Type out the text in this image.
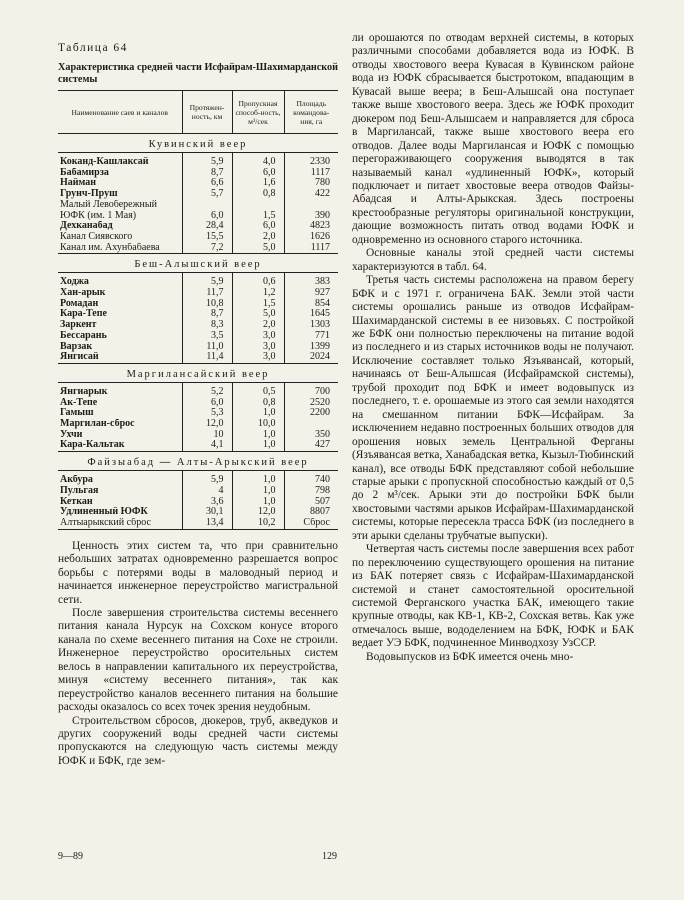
Таблица 64
Характеристика средней части Исфайрам-Шахимарданской системы
Наименование саев и каналов	Протяжен-ность, км	Пропускная способ-ность, м³/сек	Площадь командова-ния, га
Кувинский веер			

Коканд-Кашлаксай	5,9	4,0	2330
Бабамирза	8,7	6,0	1117
Найман	6,6	1,6	780
Грунч-Пруш	5,7	0,8	422
Малый Левобережный			
ЮФК (им. 1 Мая)	6,0	1,5	390
Дехканабад	28,4	6,0	4823
Канал Сиявского	15,5	2,0	1626
Канал им. Ахунбабаева	7,2	5,0	1117
Беш-Алышский веер			

Ходжа	5,9	0,6	383
Хан-арык	11,7	1,2	927
Ромадан	10,8	1,5	854
Кара-Тепе	8,7	5,0	1645
Заркент	8,3	2,0	1303
Бессарань	3,5	3,0	771
Варзак	11,0	3,0	1399
Янгисай	11,4	3,0	2024
Маргилансайский веер			

Янгиарык	5,2	0,5	700
Ак-Тепе	6,0	0,8	2520
Гамыш	5,3	1,0	2200
Маргилан-сброс	12,0	10,0	
Ухчи	10	1,0	350
Кара-Кальтак	4,1	1,0	427
Файзыабад — Алты-Арыкский веер			

Акбура	5,9	1,0	740
Пульгая	4	1,0	798
Кеткан	3,6	1,0	507
Удлиненный ЮФК	30,1	12,0	8807
Алтыарыкский сброс	13,4	10,2	Сброс

Ценность этих систем та, что при сравнительно небольших затратах одновременно разрешается вопрос борьбы с потерями воды в маловодный период и начинается инженерное переустройство магистральной сети.

После завершения строительства системы весеннего питания канала Нурсук на Сохском конусе второго канала по схеме весеннего питания на Сохе не строили. Инженерное переустройство оросительных систем велось в направлении капитального их переустройства, минуя «систему весеннего питания», так как переустройство каналов весеннего питания на большие расходы оказалось со всех точек зрения неудобным.

Строительством сбросов, дюкеров, труб, акведуков и других сооружений воды средней части системы пропускаются на следующую часть системы между ЮФК и БФК, где зем-

ли орошаются по отводам верхней системы, в которых различными способами добавляется вода из ЮФК. В отводы хвостового веера Кувасая в Кувинском районе вода из ЮФК сбрасывается быстротоком, впадающим в Кувасай выше веера; в Беш-Алышсай она поступает также выше хвостового веера. Здесь же ЮФК проходит дюкером под Беш-Алышсаем и направляется для сброса в Маргилансай, также выше хвостового веера его отводов. Далее воды Маргилансая и ЮФК с помощью перегораживающего сооружения выводятся в так называемый канал «удлиненный ЮФК», который подключает и питает хвостовые веера отводов Файзы-Абадсая и Алты-Арыкская. Здесь построены крестообразные регуляторы оригинальной конструкции, дающие возможность питать отвод водами ЮФК и одновременно из основного старого источника.

Основные каналы этой средней части системы характеризуются в табл. 64.

Третья часть системы расположена на правом берегу БФК и с 1971 г. ограничена БАК. Земли этой части системы орошались раньше из отводов Исфайрам-Шахимарданской системы в ее низовьях. С постройкой же БФК они полностью переключены на питание водой из последнего и из старых источников воды не получают. Исключение составляет только Язъявансай, который, начинаясь от Беш-Алышсая (Исфайрамской системы), трубой проходит под БФК и имеет водовыпуск из последнего, т. е. орошаемые из этого сая земли находятся на смешанном питании БФК—Исфайрам. За исключением недавно построенных больших отводов для орошения новых земель Центральной Ферганы (Язъявансая ветка, Ханабадская ветка, Кызыл-Тюбинский канал), все отводы БФК представляют собой небольшие старые арыки с пропускной способностью каждый от 0,5 до 2 м³/сек. Арыки эти до постройки БФК были хвостовыми частями арыков Исфайрам-Шахимарданской системы, которые пересекла трасса БФК (из последнего в эти арыки сделаны трубчатые выпуски).

Четвертая часть системы после завершения всех работ по переключению существующего орошения на питание из БАК потеряет связь с Исфайрам-Шахимарданской системой и станет самостоятельной оросительной системой Ферганского участка БАК, имеющего такие крупные отводы, как КВ-1, КВ-2, Сохская ветвь. Как уже отмечалось выше, вододелением на БФК, ЮФК и БАК ведает УЭ БФК, подчиненное Минводхозу УзССР.

Водовыпусков из БФК имеется очень мно-

9—89	129
